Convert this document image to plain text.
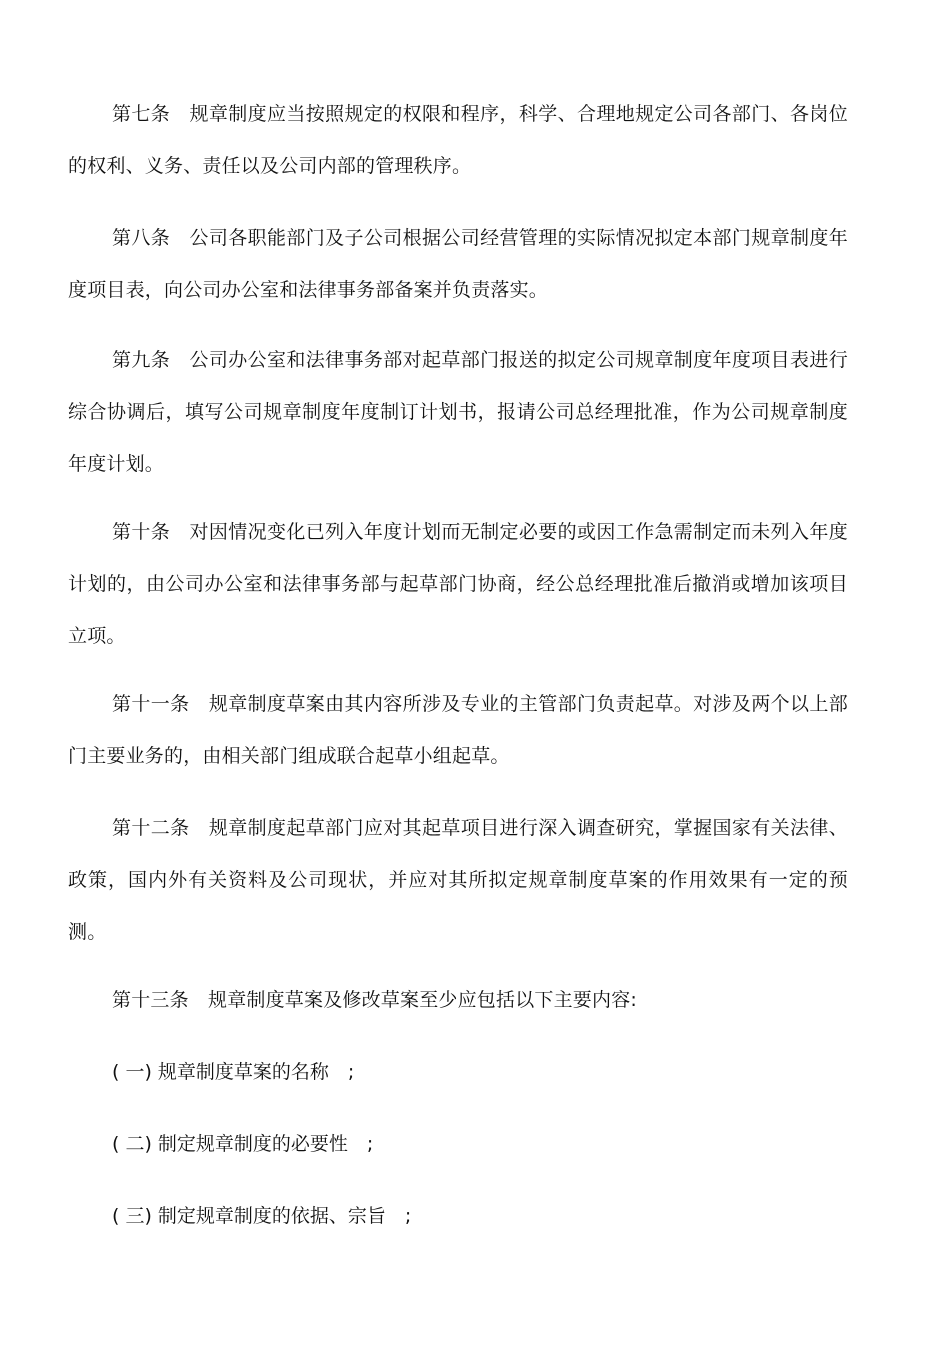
第七条　规章制度应当按照规定的权限和程序，科学、合理地规定公司各部门、各岗位的权利、义务、责任以及公司内部的管理秩序。

第八条　公司各职能部门及子公司根据公司经营管理的实际情况拟定本部门规章制度年度项目表，向公司办公室和法律事务部备案并负责落实。

第九条　公司办公室和法律事务部对起草部门报送的拟定公司规章制度年度项目表进行综合协调后，填写公司规章制度年度制订计划书，报请公司总经理批准，作为公司规章制度年度计划。

第十条　对因情况变化已列入年度计划而无制定必要的或因工作急需制定而未列入年度计划的，由公司办公室和法律事务部与起草部门协商，经公总经理批准后撤消或增加该项目立项。

第十一条　规章制度草案由其内容所涉及专业的主管部门负责起草。对涉及两个以上部门主要业务的，由相关部门组成联合起草小组起草。

第十二条　规章制度起草部门应对其起草项目进行深入调查研究，掌握国家有关法律、政策，国内外有关资料及公司现状，并应对其所拟定规章制度草案的作用效果有一定的预测。

第十三条　规章制度草案及修改草案至少应包括以下主要内容:

( 一) 规章制度草案的名称　;

( 二) 制定规章制度的必要性　;

( 三) 制定规章制度的依据、宗旨　;
